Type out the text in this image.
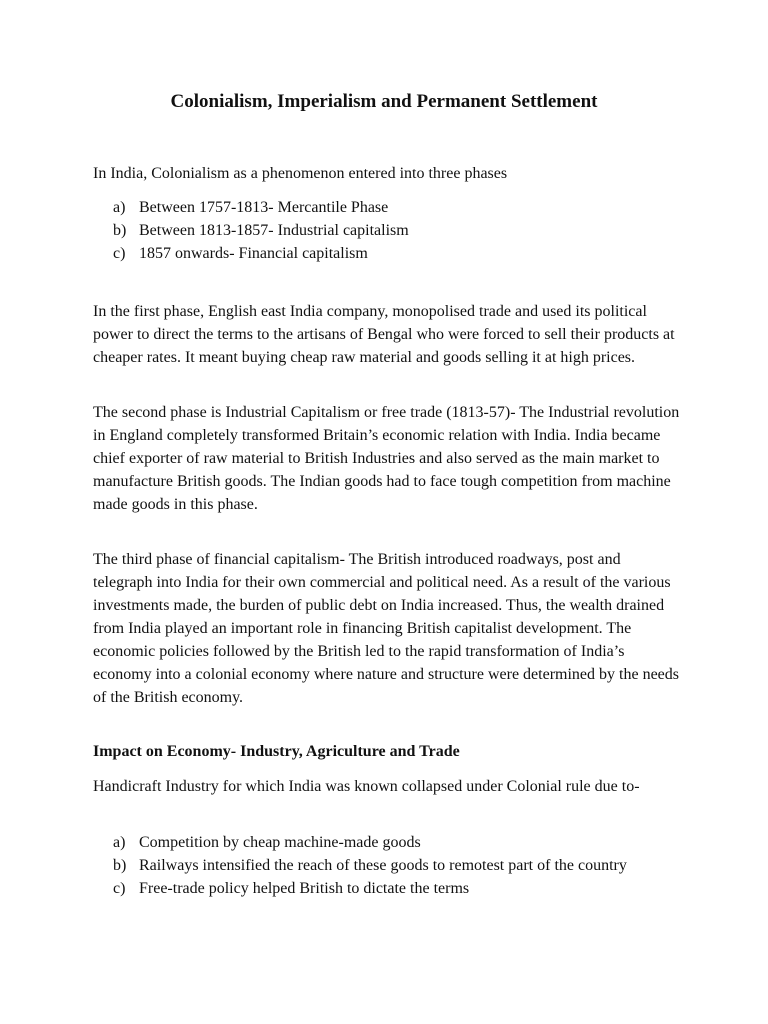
Colonialism, Imperialism and Permanent Settlement

In India, Colonialism as a phenomenon entered into three phases

a) Between 1757-1813- Mercantile Phase
b) Between 1813-1857- Industrial capitalism
c) 1857 onwards- Financial capitalism

In the first phase, English east India company, monopolised trade and used its political power to direct the terms to the artisans of Bengal who were forced to sell their products at cheaper rates. It meant buying cheap raw material and goods selling it at high prices.

The second phase is Industrial Capitalism or free trade (1813-57)- The Industrial revolution in England completely transformed Britain’s economic relation with India. India became chief exporter of raw material to British Industries and also served as the main market to manufacture British goods. The Indian goods had to face tough competition from machine made goods in this phase.

The third phase of financial capitalism- The British introduced roadways, post and telegraph into India for their own commercial and political need. As a result of the various investments made, the burden of public debt on India increased. Thus, the wealth drained from India played an important role in financing British capitalist development. The economic policies followed by the British led to the rapid transformation of India’s economy into a colonial economy where nature and structure were determined by the needs of the British economy.

Impact on Economy- Industry, Agriculture and Trade

Handicraft Industry for which India was known collapsed under Colonial rule due to-

a) Competition by cheap machine-made goods
b) Railways intensified the reach of these goods to remotest part of the country
c) Free-trade policy helped British to dictate the terms
